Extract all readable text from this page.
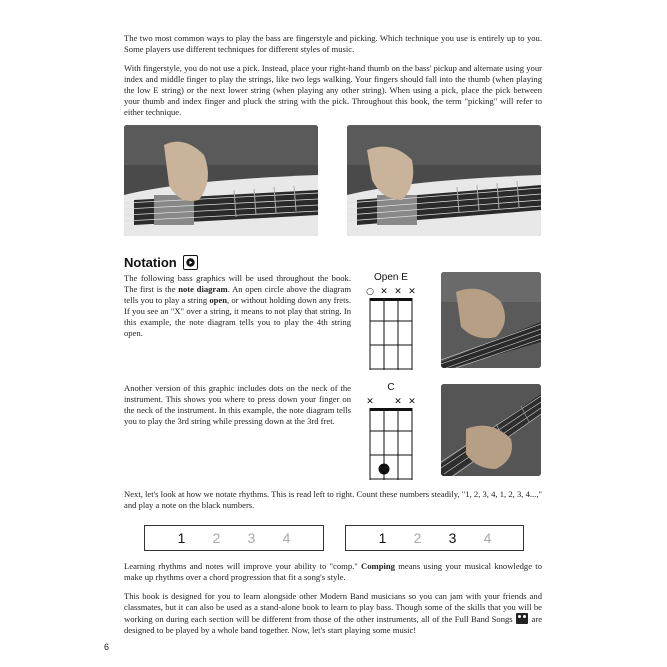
The two most common ways to play the bass are fingerstyle and picking. Which technique you use is entirely up to you. Some players use different techniques for different styles of music.

With fingerstyle, you do not use a pick. Instead, place your right-hand thumb on the bass' pickup and alternate using your index and middle finger to play the strings, like two legs walking. Your fingers should fall into the thumb (when playing the low E string) or the next lower string (when playing any other string). When using a pick, place the pick between your thumb and index finger and pluck the string with the pick. Throughout this book, the term "picking" will refer to either technique.

Notation

The following bass graphics will be used throughout the book. The first is the note diagram. An open circle above the diagram tells you to play a string open, or without holding down any frets. If you see an "X" over a string, it means to not play that string. In this example, the note diagram tells you to play the 4th string open.

Open E
○ ✕ ✕ ✕

Another version of this graphic includes dots on the neck of the instrument. This shows you where to press down your finger on the neck of the instrument. In this example, the note diagram tells you to play the 3rd string while pressing down at the 3rd fret.

C
✕ ✕ ✕

Next, let's look at how we notate rhythms. This is read left to right. Count these numbers steadily, "1, 2, 3, 4, 1, 2, 3, 4...," and play a note on the black numbers.

1	2	3	4	1	2	3	4

Learning rhythms and notes will improve your ability to "comp." Comping means using your musical knowledge to make up rhythms over a chord progression that fit a song's style.

This book is designed for you to learn alongside other Modern Band musicians so you can jam with your friends and classmates, but it can also be used as a stand-alone book to learn to play bass. Though some of the skills that you will be working on during each section will be different from those of the other instruments, all of the Full Band Songs  are designed to be played by a whole band together. Now, let's start playing some music!

6
